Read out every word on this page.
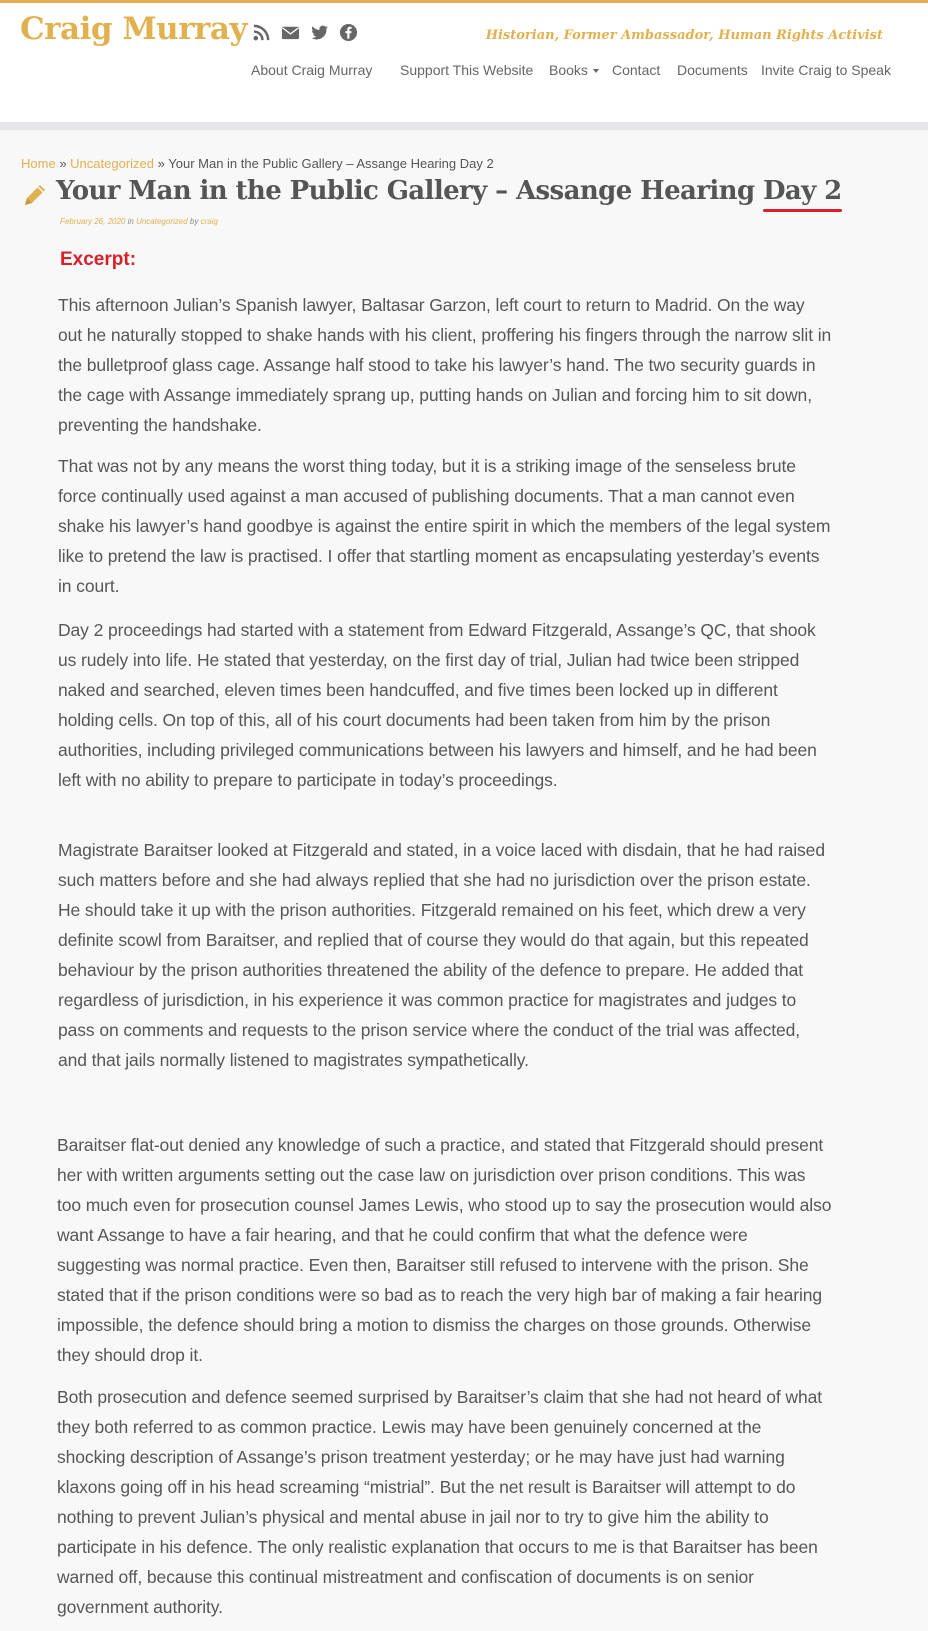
Craig Murray	Historian, Former Ambassador, Human Rights Activist
About Craig Murray Support This Website Books	Contact Documents Invite Craig to Speak
Home » Uncategorized » Your Man in the Public Gallery – Assange Hearing Day 2
Your Man in the Public Gallery – Assange Hearing Day 2
February 26, 2020 in Uncategorized by craig
Excerpt:

This afternoon Julian’s Spanish lawyer, Baltasar Garzon, left court to return to Madrid. On the way out he naturally stopped to shake hands with his client, proffering his fingers through the narrow slit in the bulletproof glass cage. Assange half stood to take his lawyer’s hand. The two security guards in the cage with Assange immediately sprang up, putting hands on Julian and forcing him to sit down, preventing the handshake.

That was not by any means the worst thing today, but it is a striking image of the senseless brute force continually used against a man accused of publishing documents. That a man cannot even shake his lawyer’s hand goodbye is against the entire spirit in which the members of the legal system like to pretend the law is practised. I offer that startling moment as encapsulating yesterday’s events in court.

Day 2 proceedings had started with a statement from Edward Fitzgerald, Assange’s QC, that shook us rudely into life. He stated that yesterday, on the first day of trial, Julian had twice been stripped naked and searched, eleven times been handcuffed, and five times been locked up in different holding cells. On top of this, all of his court documents had been taken from him by the prison authorities, including privileged communications between his lawyers and himself, and he had been left with no ability to prepare to participate in today’s proceedings.

Magistrate Baraitser looked at Fitzgerald and stated, in a voice laced with disdain, that he had raised such matters before and she had always replied that she had no jurisdiction over the prison estate. He should take it up with the prison authorities. Fitzgerald remained on his feet, which drew a very definite scowl from Baraitser, and replied that of course they would do that again, but this repeated behaviour by the prison authorities threatened the ability of the defence to prepare. He added that regardless of jurisdiction, in his experience it was common practice for magistrates and judges to pass on comments and requests to the prison service where the conduct of the trial was affected, and that jails normally listened to magistrates sympathetically.

Baraitser flat-out denied any knowledge of such a practice, and stated that Fitzgerald should present her with written arguments setting out the case law on jurisdiction over prison conditions. This was too much even for prosecution counsel James Lewis, who stood up to say the prosecution would also want Assange to have a fair hearing, and that he could confirm that what the defence were suggesting was normal practice. Even then, Baraitser still refused to intervene with the prison. She stated that if the prison conditions were so bad as to reach the very high bar of making a fair hearing impossible, the defence should bring a motion to dismiss the charges on those grounds. Otherwise they should drop it.

Both prosecution and defence seemed surprised by Baraitser’s claim that she had not heard of what they both referred to as common practice. Lewis may have been genuinely concerned at the shocking description of Assange’s prison treatment yesterday; or he may have just had warning klaxons going off in his head screaming “mistrial”. But the net result is Baraitser will attempt to do nothing to prevent Julian’s physical and mental abuse in jail nor to try to give him the ability to participate in his defence. The only realistic explanation that occurs to me is that Baraitser has been warned off, because this continual mistreatment and confiscation of documents is on senior government authority.
